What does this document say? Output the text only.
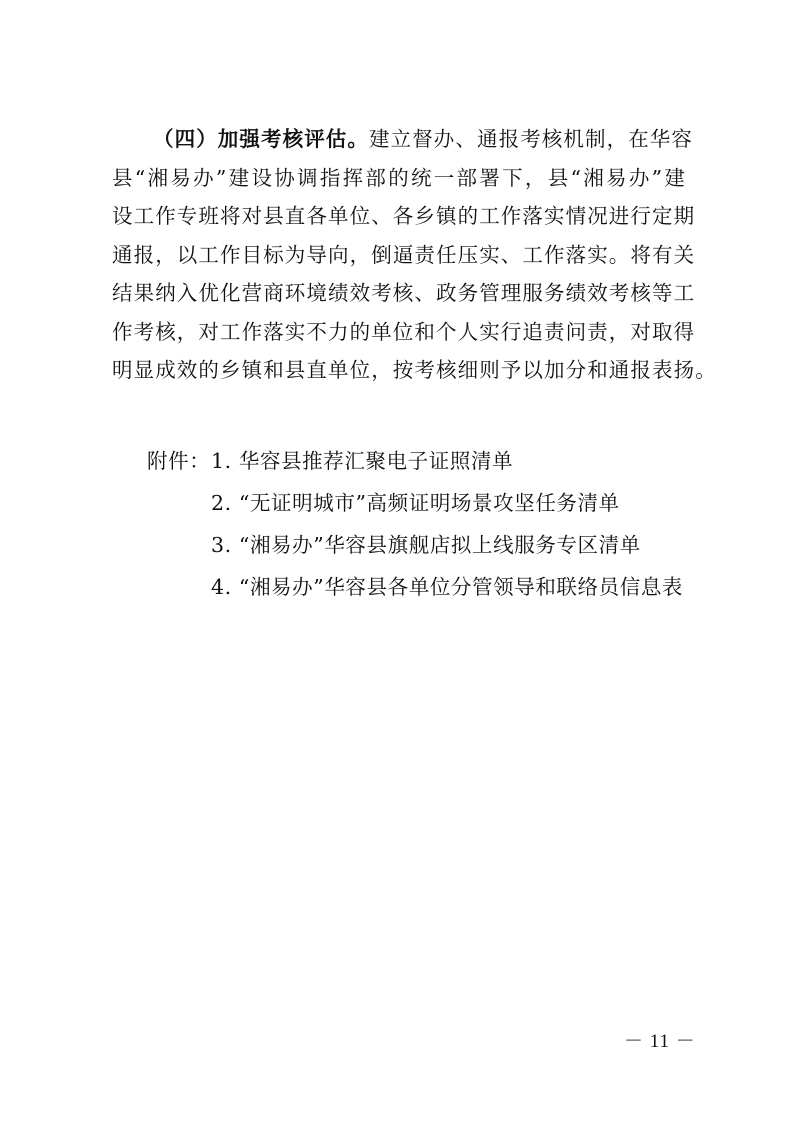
（四）加强考核评估。建立督办、通报考核机制，在华容
县“湘易办”建设协调指挥部的统一部署下，县“湘易办”建
设工作专班将对县直各单位、各乡镇的工作落实情况进行定期
通报，以工作目标为导向，倒逼责任压实、工作落实。将有关
结果纳入优化营商环境绩效考核、政务管理服务绩效考核等工
作考核，对工作落实不力的单位和个人实行追责问责，对取得
明显成效的乡镇和县直单位，按考核细则予以加分和通报表扬。
附件：1. 华容县推荐汇聚电子证照清单
2. “无证明城市”高频证明场景攻坚任务清单
3. “湘易办”华容县旗舰店拟上线服务专区清单
4. “湘易办”华容县各单位分管领导和联络员信息表
－ 11 －
